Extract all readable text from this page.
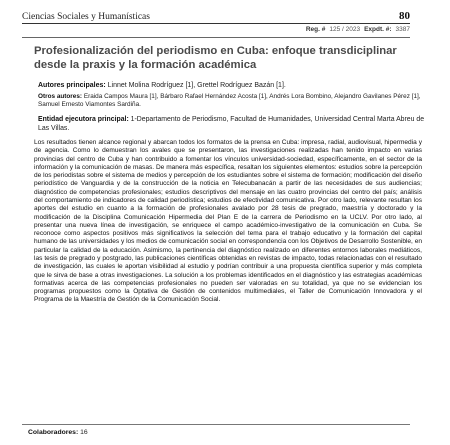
Ciencias Sociales y Humanísticas	80
Reg. # 125 / 2023 Expdt. #: 3387
Profesionalización del periodismo en Cuba: enfoque transdiciplinar desde la praxis y la formación académica
Autores principales: Linnet Molina Rodríguez [1], Grettel Rodríguez Bazán [1].
Otros autores: Eraida Campos Maura [1], Bárbaro Rafael Hernández Acosta [1], Andrés Lora Bombino, Alejandro Gavilanes Pérez [1], Samuel Ernesto Viamontes Sardiña.
Entidad ejecutora principal: 1-Departamento de Periodismo, Facultad de Humanidades, Universidad Central Marta Abreu de Las Villas.
Los resultados tienen alcance regional y abarcan todos los formatos de la prensa en Cuba: impresa, radial, audiovisual, hipermedia y de agencia. Como lo demuestran los avales que se presentaron, las investigaciones realizadas han tenido impacto en varias provincias del centro de Cuba y han contribuido a fomentar los vínculos universidad-sociedad, específicamente, en el sector de la información y la comunicación de masas. De manera más específica, resaltan los siguientes elementos: estudios sobre la percepción de los periodistas sobre el sistema de medios y percepción de los estudiantes sobre el sistema de formación; modificación del diseño periodístico de Vanguardia y de la construcción de la noticia en Telecubanacán a partir de las necesidades de sus audiencias; diagnóstico de competencias profesionales; estudios descriptivos del mensaje en las cuatro provincias del centro del país; análisis del comportamiento de indicadores de calidad periodística; estudios de efectividad comunicativa. Por otro lado, relevante resultan los aportes del estudio en cuanto a la formación de profesionales avalado por 28 tesis de pregrado, maestría y doctorado y la modificación de la Disciplina Comunicación Hipermedia del Plan E de la carrera de Periodismo en la UCLV. Por otro lado, al presentar una nueva línea de investigación, se enriquece el campo académico-investigativo de la comunicación en Cuba. Se reconoce como aspectos positivos más significativos la selección del tema para el trabajo educativo y la formación del capital humano de las universidades y los medios de comunicación social en correspondencia con los Objetivos de Desarrollo Sostenible, en particular la calidad de la educación. Asimismo, la pertinencia del diagnóstico realizado en diferentes entornos laborales mediáticos, las tesis de pregrado y postgrado, las publicaciones científicas obtenidas en revistas de impacto, todas relacionadas con el resultado de investigación, las cuales le aportan visibilidad al estudio y podrían contribuir a una propuesta científica superior y más completa que le sirva de base a otras investigaciones. La solución a los problemas identificados en el diagnóstico y las estrategias académicas formativas acerca de las competencias profesionales no pueden ser valoradas en su totalidad, ya que no se evidencian los programas propuestos como la Optativa de Gestión de contenidos multimediales, el Taller de Comunicación Innovadora y el Programa de la Maestría de Gestión de la Comunicación Social.
Colaboradores: 16
